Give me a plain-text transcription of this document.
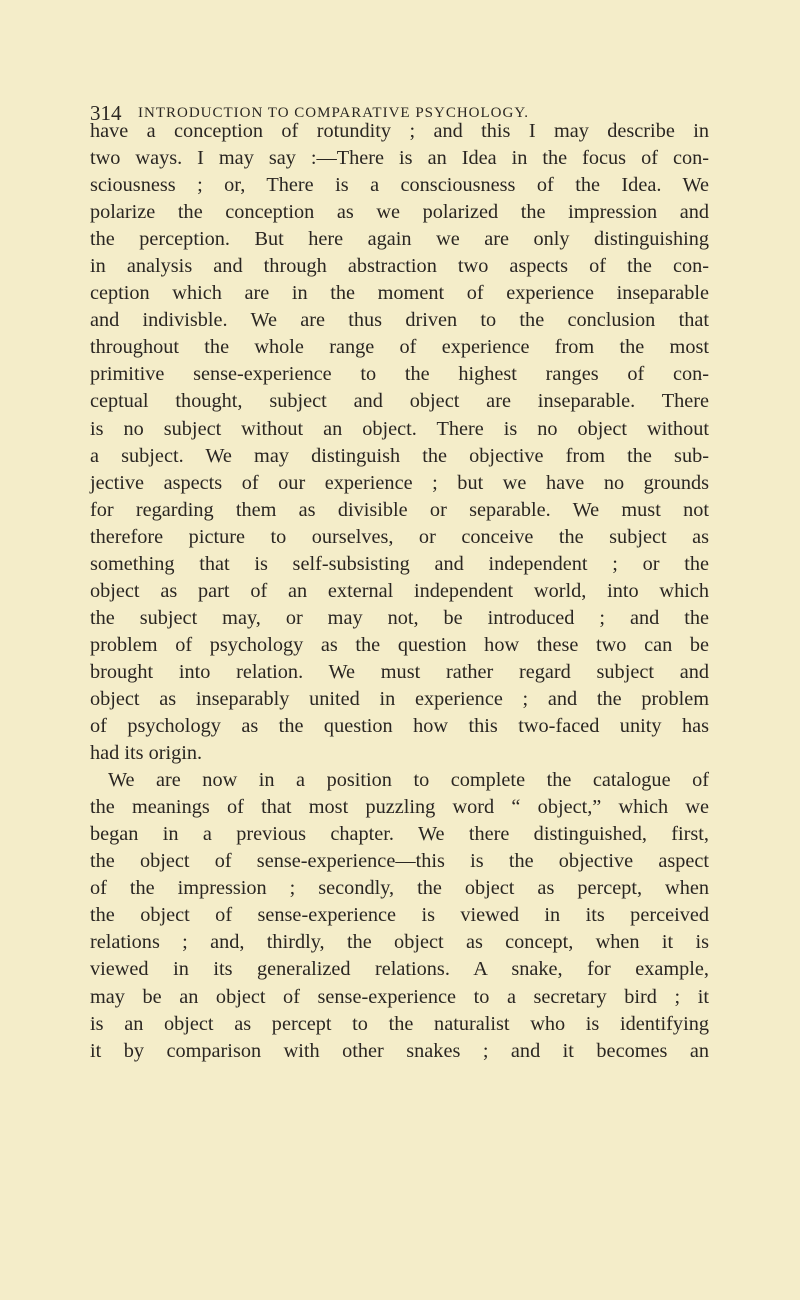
314 INTRODUCTION TO COMPARATIVE PSYCHOLOGY.
have a conception of rotundity ; and this I may describe in
two ways. I may say :—There is an Idea in the focus of con-
sciousness ; or, There is a consciousness of the Idea. We
polarize the conception as we polarized the impression and
the perception. But here again we are only distinguishing
in analysis and through abstraction two aspects of the con-
ception which are in the moment of experience inseparable
and indivisble. We are thus driven to the conclusion that
throughout the whole range of experience from the most
primitive sense-experience to the highest ranges of con-
ceptual thought, subject and object are inseparable. There
is no subject without an object. There is no object without
a subject. We may distinguish the objective from the sub-
jective aspects of our experience ; but we have no grounds
for regarding them as divisible or separable. We must not
therefore picture to ourselves, or conceive the subject as
something that is self-subsisting and independent ; or the
object as part of an external independent world, into which
the subject may, or may not, be introduced ; and the
problem of psychology as the question how these two can be
brought into relation. We must rather regard subject and
object as inseparably united in experience ; and the problem
of psychology as the question how this two-faced unity has
had its origin.
We are now in a position to complete the catalogue of
the meanings of that most puzzling word “ object,” which we
began in a previous chapter. We there distinguished, first,
the object of sense-experience—this is the objective aspect
of the impression ; secondly, the object as percept, when
the object of sense-experience is viewed in its perceived
relations ; and, thirdly, the object as concept, when it is
viewed in its generalized relations. A snake, for example,
may be an object of sense-experience to a secretary bird ; it
is an object as percept to the naturalist who is identifying
it by comparison with other snakes ; and it becomes an
